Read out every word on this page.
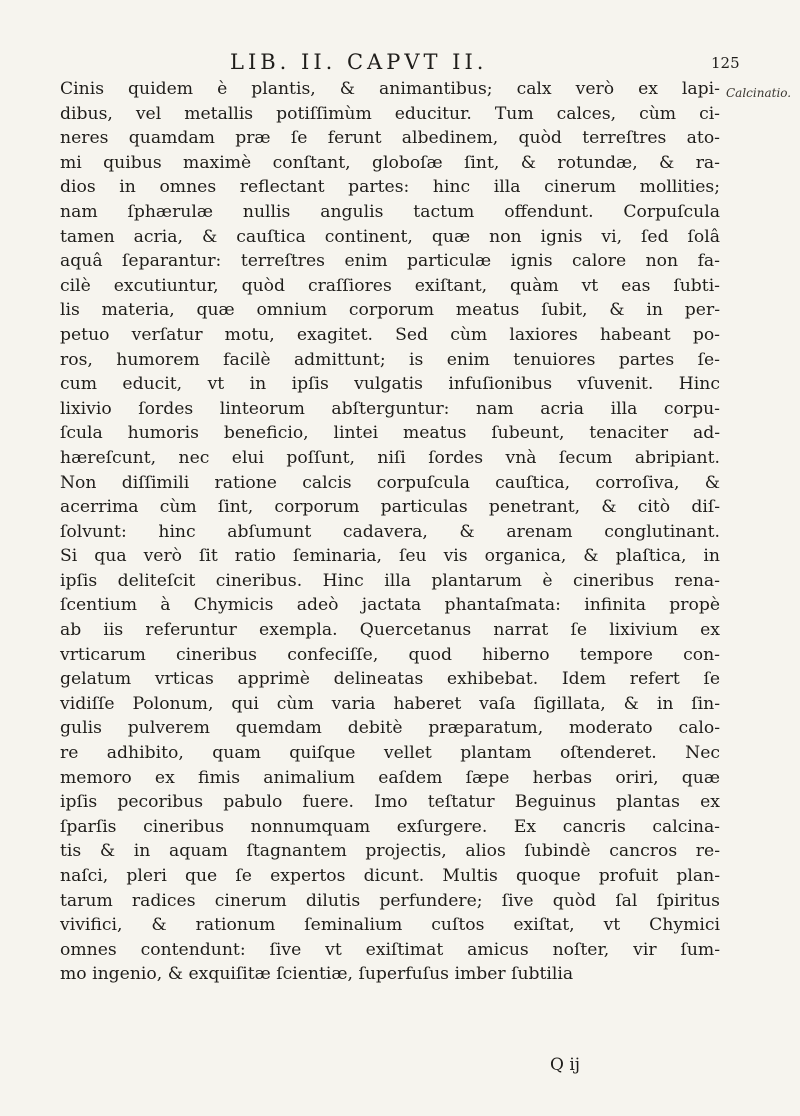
LIB. II. CAPVT II.	125
Calcinatio.
Cinis quidem è plantis, & animantibus; calx verò ex lapi-
dibus, vel metallis potiſſimùm educitur. Tum calces, cùm ci-
neres quamdam præ ſe ferunt albedinem, quòd terreſtres ato-
mi quibus maximè conſtant, globoſæ ſint, & rotundæ, & ra-
dios in omnes reflectant partes: hinc illa cinerum mollities;
nam ſphærulæ nullis angulis tactum offendunt. Corpuſcula
tamen acria, & cauſtica continent, quæ non ignis vi, ſed ſolâ
aquâ ſeparantur: terreſtres enim particulæ ignis calore non fa-
cilè excutiuntur, quòd craſſiores exiſtant, quàm vt eas ſubti-
lis materia, quæ omnium corporum meatus ſubit, & in per-
petuo verſatur motu, exagitet. Sed cùm laxiores habeant po-
ros, humorem facilè admittunt; is enim tenuiores partes ſe-
cum educit, vt in ipſis vulgatis infuſionibus vſuvenit. Hinc
lixivio ſordes linteorum abſterguntur: nam acria illa corpu-
ſcula humoris beneficio, lintei meatus ſubeunt, tenaciter ad-
hæreſcunt, nec elui poſſunt, niſi ſordes vnà ſecum abripiant.
Non diſſimili ratione calcis corpuſcula cauſtica, corroſiva, &
acerrima cùm ſint, corporum particulas penetrant, & citò diſ-
ſolvunt: hinc abſumunt cadavera, & arenam conglutinant.
Si qua verò ſit ratio ſeminaria, ſeu vis organica, & plaſtica, in
ipſis deliteſcit cineribus. Hinc illa plantarum è cineribus rena-
ſcentium à Chymicis adeò jactata phantaſmata: infinita propè
ab iis referuntur exempla. Quercetanus narrat ſe lixivium ex
vrticarum cineribus confeciſſe, quod hiberno tempore con-
gelatum vrticas apprimè delineatas exhibebat. Idem refert ſe
vidiſſe Polonum, qui cùm varia haberet vaſa ſigillata, & in ſin-
gulis pulverem quemdam debitè præparatum, moderato calo-
re adhibito, quam quiſque vellet plantam oſtenderet. Nec
memoro ex fimis animalium eaſdem ſæpe herbas oriri, quæ
ipſis pecoribus pabulo fuere. Imo teſtatur Beguinus plantas ex
ſparſis cineribus nonnumquam exſurgere. Ex cancris calcina-
tis & in aquam ſtagnantem projectis, alios ſubindè cancros re-
naſci, pleri que ſe expertos dicunt. Multis quoque profuit plan-
tarum radices cinerum dilutis perfundere; ſive quòd ſal ſpiritus
vivifici, & rationum ſeminalium cuſtos exiſtat, vt Chymici
omnes contendunt: ſive vt exiſtimat amicus noſter, vir ſum-
mo ingenio, & exquiſitæ ſcientiæ, ſuperfuſus imber ſubtilia
Q ij
